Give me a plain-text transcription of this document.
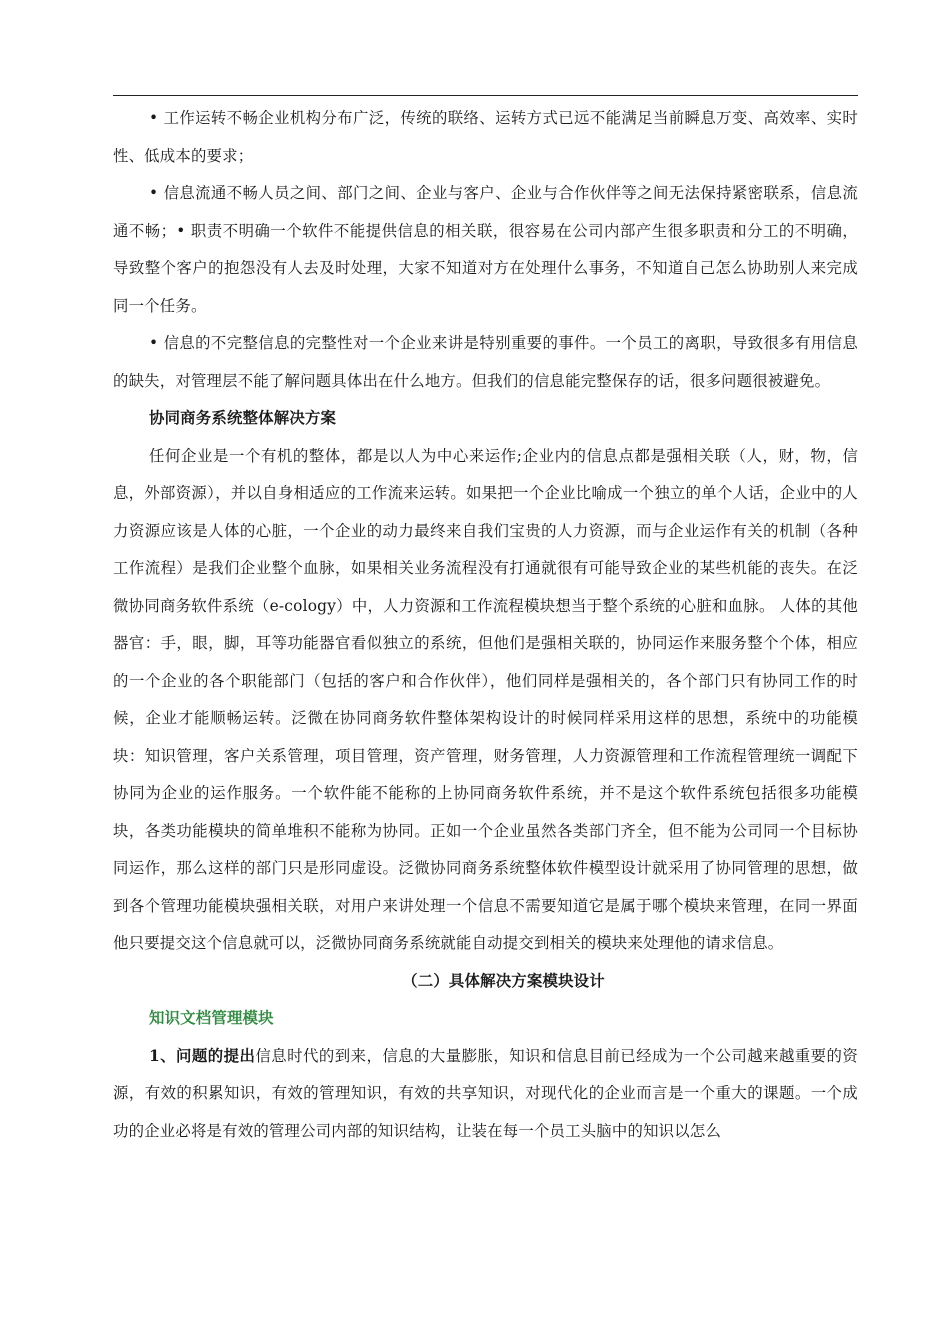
• 工作运转不畅企业机构分布广泛，传统的联络、运转方式已远不能满足当前瞬息万变、高效率、实时性、低成本的要求；

• 信息流通不畅人员之间、部门之间、企业与客户、企业与合作伙伴等之间无法保持紧密联系，信息流通不畅；• 职责不明确一个软件不能提供信息的相关联，很容易在公司内部产生很多职责和分工的不明确，导致整个客户的抱怨没有人去及时处理，大家不知道对方在处理什么事务，不知道自己怎么协助别人来完成同一个任务。

• 信息的不完整信息的完整性对一个企业来讲是特别重要的事件。一个员工的离职，导致很多有用信息的缺失，对管理层不能了解问题具体出在什么地方。但我们的信息能完整保存的话，很多问题很被避免。

协同商务系统整体解决方案

任何企业是一个有机的整体，都是以人为中心来运作;企业内的信息点都是强相关联（人，财，物，信息，外部资源），并以自身相适应的工作流来运转。如果把一个企业比喻成一个独立的单个人话，企业中的人力资源应该是人体的心脏，一个企业的动力最终来自我们宝贵的人力资源，而与企业运作有关的机制（各种工作流程）是我们企业整个血脉，如果相关业务流程没有打通就很有可能导致企业的某些机能的丧失。在泛微协同商务软件系统（e-cology）中，人力资源和工作流程模块想当于整个系统的心脏和血脉。 人体的其他器官：手，眼，脚，耳等功能器官看似独立的系统，但他们是强相关联的，协同运作来服务整个个体，相应的一个企业的各个职能部门（包括的客户和合作伙伴），他们同样是强相关的，各个部门只有协同工作的时候，企业才能顺畅运转。泛微在协同商务软件整体架构设计的时候同样采用这样的思想，系统中的功能模块：知识管理，客户关系管理，项目管理，资产管理，财务管理，人力资源管理和工作流程管理统一调配下协同为企业的运作服务。一个软件能不能称的上协同商务软件系统，并不是这个软件系统包括很多功能模块，各类功能模块的简单堆积不能称为协同。正如一个企业虽然各类部门齐全，但不能为公司同一个目标协同运作，那么这样的部门只是形同虚设。泛微协同商务系统整体软件模型设计就采用了协同管理的思想，做到各个管理功能模块强相关联，对用户来讲处理一个信息不需要知道它是属于哪个模块来管理，在同一界面他只要提交这个信息就可以，泛微协同商务系统就能自动提交到相关的模块来处理他的请求信息。

（二）具体解决方案模块设计

知识文档管理模块

1、问题的提出信息时代的到来，信息的大量膨胀，知识和信息目前已经成为一个公司越来越重要的资源，有效的积累知识，有效的管理知识，有效的共享知识，对现代化的企业而言是一个重大的课题。一个成功的企业必将是有效的管理公司内部的知识结构，让装在每一个员工头脑中的知识以怎么
